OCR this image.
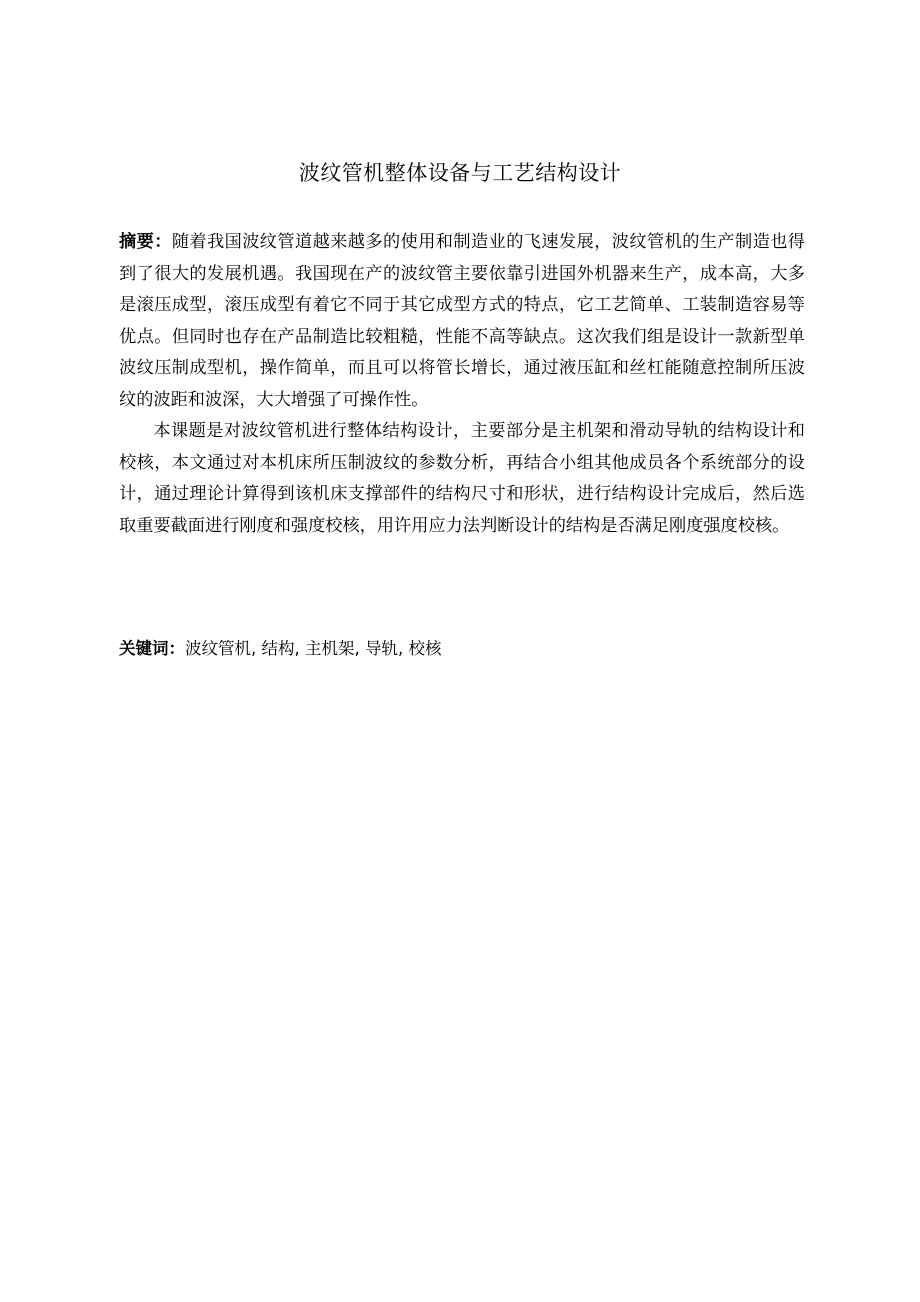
波纹管机整体设备与工艺结构设计

摘要：随着我国波纹管道越来越多的使用和制造业的飞速发展，波纹管机的生产制造也得到了很大的发展机遇。我国现在产的波纹管主要依靠引进国外机器来生产，成本高，大多是滚压成型，滚压成型有着它不同于其它成型方式的特点，它工艺简单、工装制造容易等优点。但同时也存在产品制造比较粗糙，性能不高等缺点。这次我们组是设计一款新型单波纹压制成型机，操作简单，而且可以将管长增长，通过液压缸和丝杠能随意控制所压波纹的波距和波深，大大增强了可操作性。

本课题是对波纹管机进行整体结构设计，主要部分是主机架和滑动导轨的结构设计和校核，本文通过对本机床所压制波纹的参数分析，再结合小组其他成员各个系统部分的设计，通过理论计算得到该机床支撑部件的结构尺寸和形状，进行结构设计完成后，然后选取重要截面进行刚度和强度校核，用许用应力法判断设计的结构是否满足刚度强度校核。

关键词：波纹管机, 结构, 主机架, 导轨, 校核
